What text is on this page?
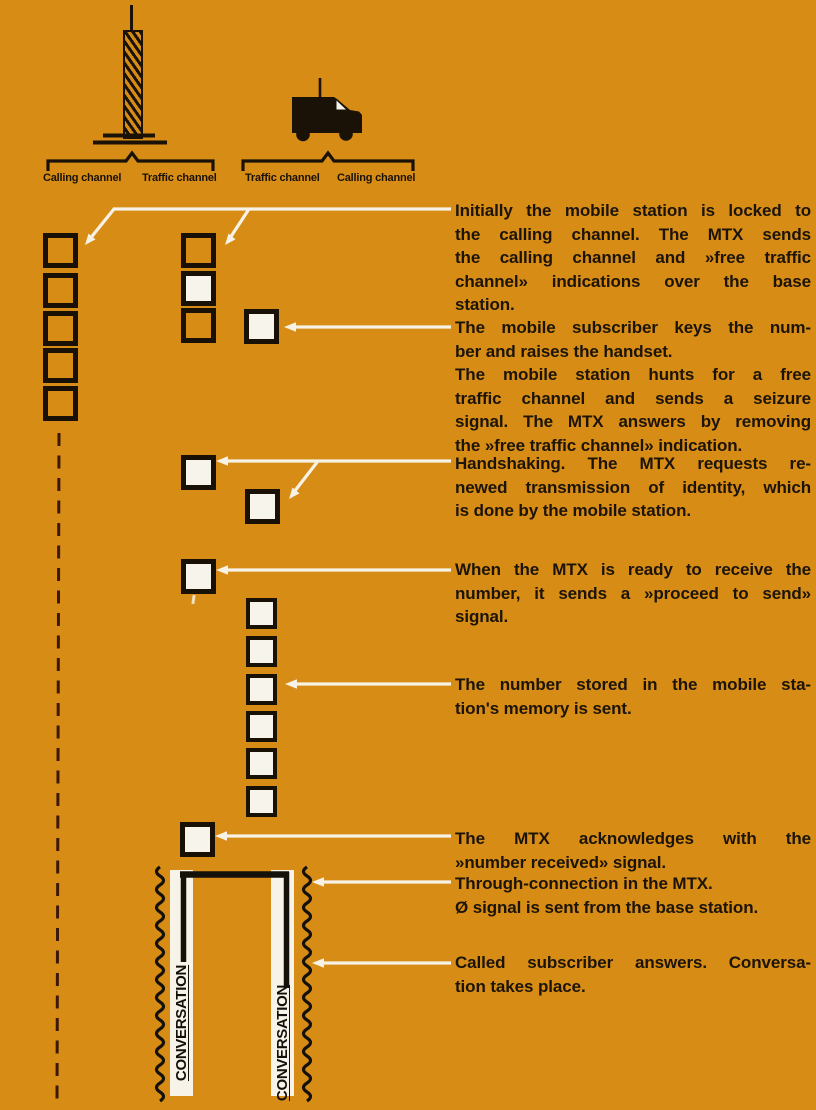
Calling channel Traffic channel	Traffic channel Calling channel
Initially the mobile station is locked to
the calling channel. The MTX sends
the calling channel and »free traffic
channel» indications over the base
station.
The mobile subscriber keys the num-
ber and raises the handset.
The mobile station hunts for a free
traffic channel and sends a seizure
signal. The MTX answers by removing
the »free traffic channel» indication.
Handshaking. The MTX requests re-
newed transmission of identity, which
is done by the mobile station.
When the MTX is ready to receive the
number, it sends a »proceed to send»
signal.
The number stored in the mobile sta-
tion's memory is sent.
The MTX acknowledges with the
»number received» signal.
Through-connection in the MTX.
Ø signal is sent from the base station.
Called subscriber answers. Conversa-
tion takes place.
CONVERSATION	CONVERSATION
